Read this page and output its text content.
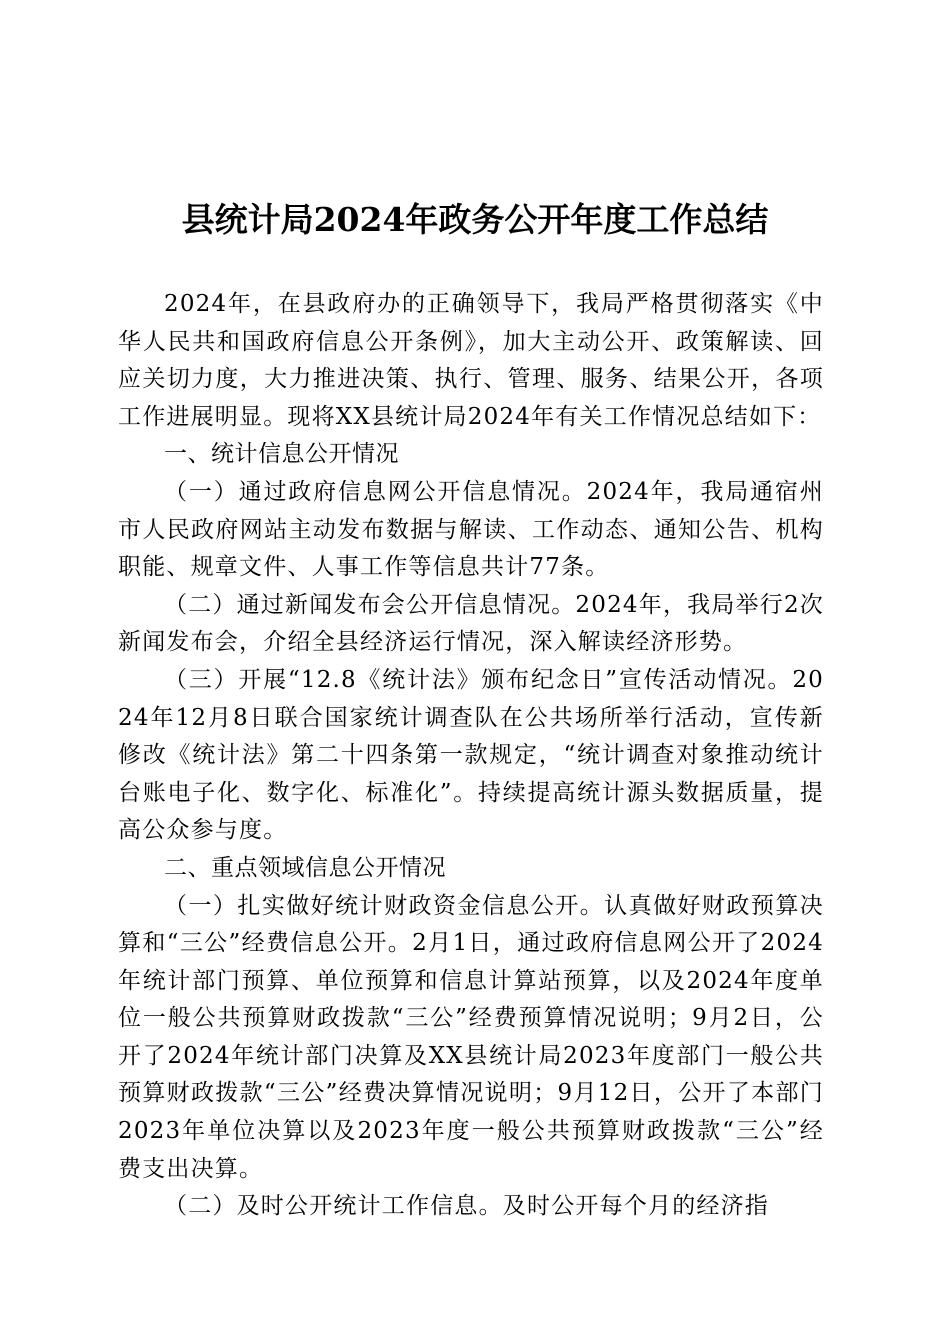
县统计局2024年政务公开年度工作总结

2024年，在县政府办的正确领导下，我局严格贯彻落实《中华人民共和国政府信息公开条例》，加大主动公开、政策解读、回应关切力度，大力推进决策、执行、管理、服务、结果公开，各项工作进展明显。现将XX县统计局2024年有关工作情况总结如下：

一、统计信息公开情况

（一）通过政府信息网公开信息情况。2024年，我局通宿州市人民政府网站主动发布数据与解读、工作动态、通知公告、机构职能、规章文件、人事工作等信息共计77条。

（二）通过新闻发布会公开信息情况。2024年，我局举行2次新闻发布会，介绍全县经济运行情况，深入解读经济形势。

（三）开展“12.8《统计法》颁布纪念日”宣传活动情况。2024年12月8日联合国家统计调查队在公共场所举行活动，宣传新修改《统计法》第二十四条第一款规定，“统计调查对象推动统计台账电子化、数字化、标准化”。持续提高统计源头数据质量，提高公众参与度。

二、重点领域信息公开情况

（一）扎实做好统计财政资金信息公开。认真做好财政预算决算和“三公”经费信息公开。2月1日，通过政府信息网公开了2024年统计部门预算、单位预算和信息计算站预算，以及2024年度单位一般公共预算财政拨款“三公”经费预算情况说明；9月2日，公开了2024年统计部门决算及XX县统计局2023年度部门一般公共预算财政拨款“三公”经费决算情况说明；9月12日，公开了本部门2023年单位决算以及2023年度一般公共预算财政拨款“三公”经费支出决算。

（二）及时公开统计工作信息。及时公开每个月的经济指
